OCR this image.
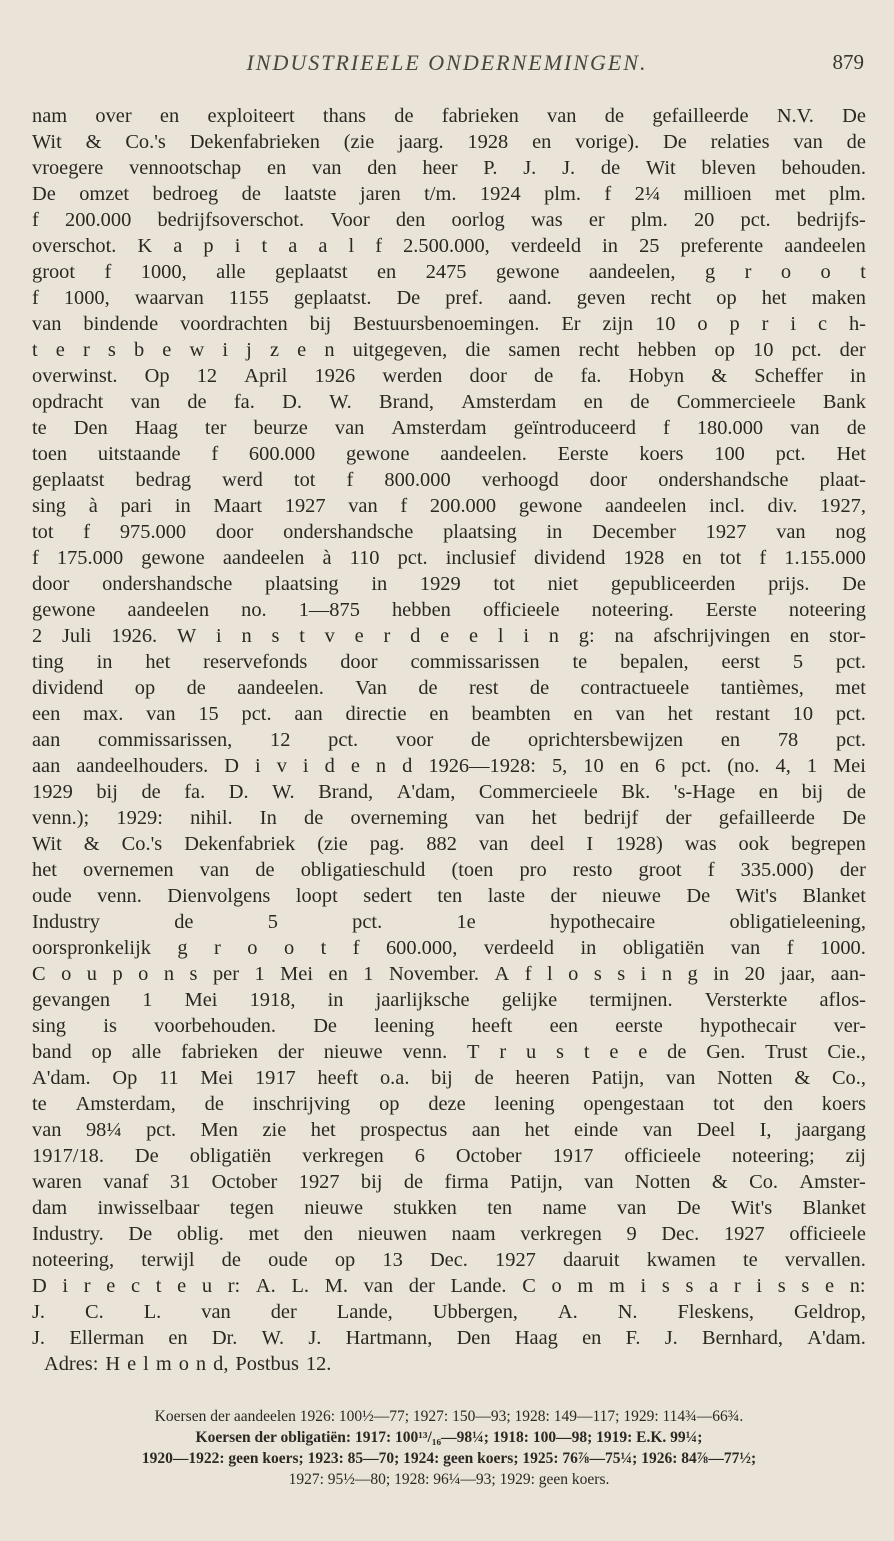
INDUSTRIEELE ONDERNEMINGEN.	879
nam over en exploiteert thans de fabrieken van de gefailleerde N.V. De
Wit & Co.'s Dekenfabrieken (zie jaarg. 1928 en vorige). De relaties van de
vroegere vennootschap en van den heer P. J. J. de Wit bleven behouden.
De omzet bedroeg de laatste jaren t/m. 1924 plm. f 2¼ millioen met plm.
f 200.000 bedrijfsoverschot. Voor den oorlog was er plm. 20 pct. bedrijfs-
overschot. K a p i t a a l f 2.500.000, verdeeld in 25 preferente aandeelen
groot f 1000, alle geplaatst en 2475 gewone aandeelen, g r o o t
f 1000, waarvan 1155 geplaatst. De pref. aand. geven recht op het maken
van bindende voordrachten bij Bestuursbenoemingen. Er zijn 10 o p r i c h-
t e r s b e w i j z e n uitgegeven, die samen recht hebben op 10 pct. der
overwinst. Op 12 April 1926 werden door de fa. Hobyn & Scheffer in
opdracht van de fa. D. W. Brand, Amsterdam en de Commercieele Bank
te Den Haag ter beurze van Amsterdam geïntroduceerd f 180.000 van de
toen uitstaande f 600.000 gewone aandeelen. Eerste koers 100 pct. Het
geplaatst bedrag werd tot f 800.000 verhoogd door ondershandsche plaat-
sing à pari in Maart 1927 van f 200.000 gewone aandeelen incl. div. 1927,
tot f 975.000 door ondershandsche plaatsing in December 1927 van nog
f 175.000 gewone aandeelen à 110 pct. inclusief dividend 1928 en tot f 1.155.000
door ondershandsche plaatsing in 1929 tot niet gepubliceerden prijs. De
gewone aandeelen no. 1—875 hebben officieele noteering. Eerste noteering
2 Juli 1926. W i n s t v e r d e e l i n g: na afschrijvingen en stor-
ting in het reservefonds door commissarissen te bepalen, eerst 5 pct.
dividend op de aandeelen. Van de rest de contractueele tantièmes, met
een max. van 15 pct. aan directie en beambten en van het restant 10 pct.
aan commissarissen, 12 pct. voor de oprichtersbewijzen en 78 pct.
aan aandeelhouders. D i v i d e n d 1926—1928: 5, 10 en 6 pct. (no. 4, 1 Mei
1929 bij de fa. D. W. Brand, A'dam, Commercieele Bk. 's-Hage en bij de
venn.); 1929: nihil. In de overneming van het bedrijf der gefailleerde De
Wit & Co.'s Dekenfabriek (zie pag. 882 van deel I 1928) was ook begrepen
het overnemen van de obligatieschuld (toen pro resto groot f 335.000) der
oude venn. Dienvolgens loopt sedert ten laste der nieuwe De Wit's Blanket
Industry	de	5	pct.	1e	hypothecaire	obligatieleening,
oorspronkelijk g r o o t f 600.000, verdeeld in obligatiën van f 1000.
C o u p o n s per 1 Mei en 1 November. A f l o s s i n g in 20 jaar, aan-
gevangen 1 Mei 1918, in jaarlijksche gelijke termijnen. Versterkte aflos-
sing is voorbehouden. De leening heeft een eerste hypothecair ver-
band op alle fabrieken der nieuwe venn. T r u s t e e de Gen. Trust Cie.,
A'dam. Op 11 Mei 1917 heeft o.a. bij de heeren Patijn, van Notten & Co.,
te Amsterdam, de inschrijving op deze leening opengestaan tot den koers
van 98¼ pct. Men zie het prospectus aan het einde van Deel I, jaargang
1917/18. De obligatiën verkregen 6 October 1917 officieele noteering; zij
waren vanaf 31 October 1927 bij de firma Patijn, van Notten & Co. Amster-
dam inwisselbaar tegen nieuwe stukken ten name van De Wit's Blanket
Industry. De oblig. met den nieuwen naam verkregen 9 Dec. 1927 officieele
noteering, terwijl de oude op 13 Dec. 1927 daaruit kwamen te vervallen.
D i r e c t e u r: A. L. M. van der Lande. C o m m i s s a r i s s e n:
J. C. L. van der Lande, Ubbergen, A. N. Fleskens, Geldrop,
J. Ellerman en Dr. W. J. Hartmann, Den Haag en F. J. Bernhard, A'dam.
Adres: H e l m o n d, Postbus 12.
Koersen der aandeelen 1926: 100½—77; 1927: 150—93; 1928: 149—117; 1929: 114¾—66¾.
Koersen der obligatiën: 1917: 100¹³/₁₆—98¼; 1918: 100—98; 1919: E.K. 99¼;
1920—1922: geen koers; 1923: 85—70; 1924: geen koers; 1925: 76⅞—75¼; 1926: 84⅞—77½;
1927: 95½—80; 1928: 96¼—93; 1929: geen koers.
